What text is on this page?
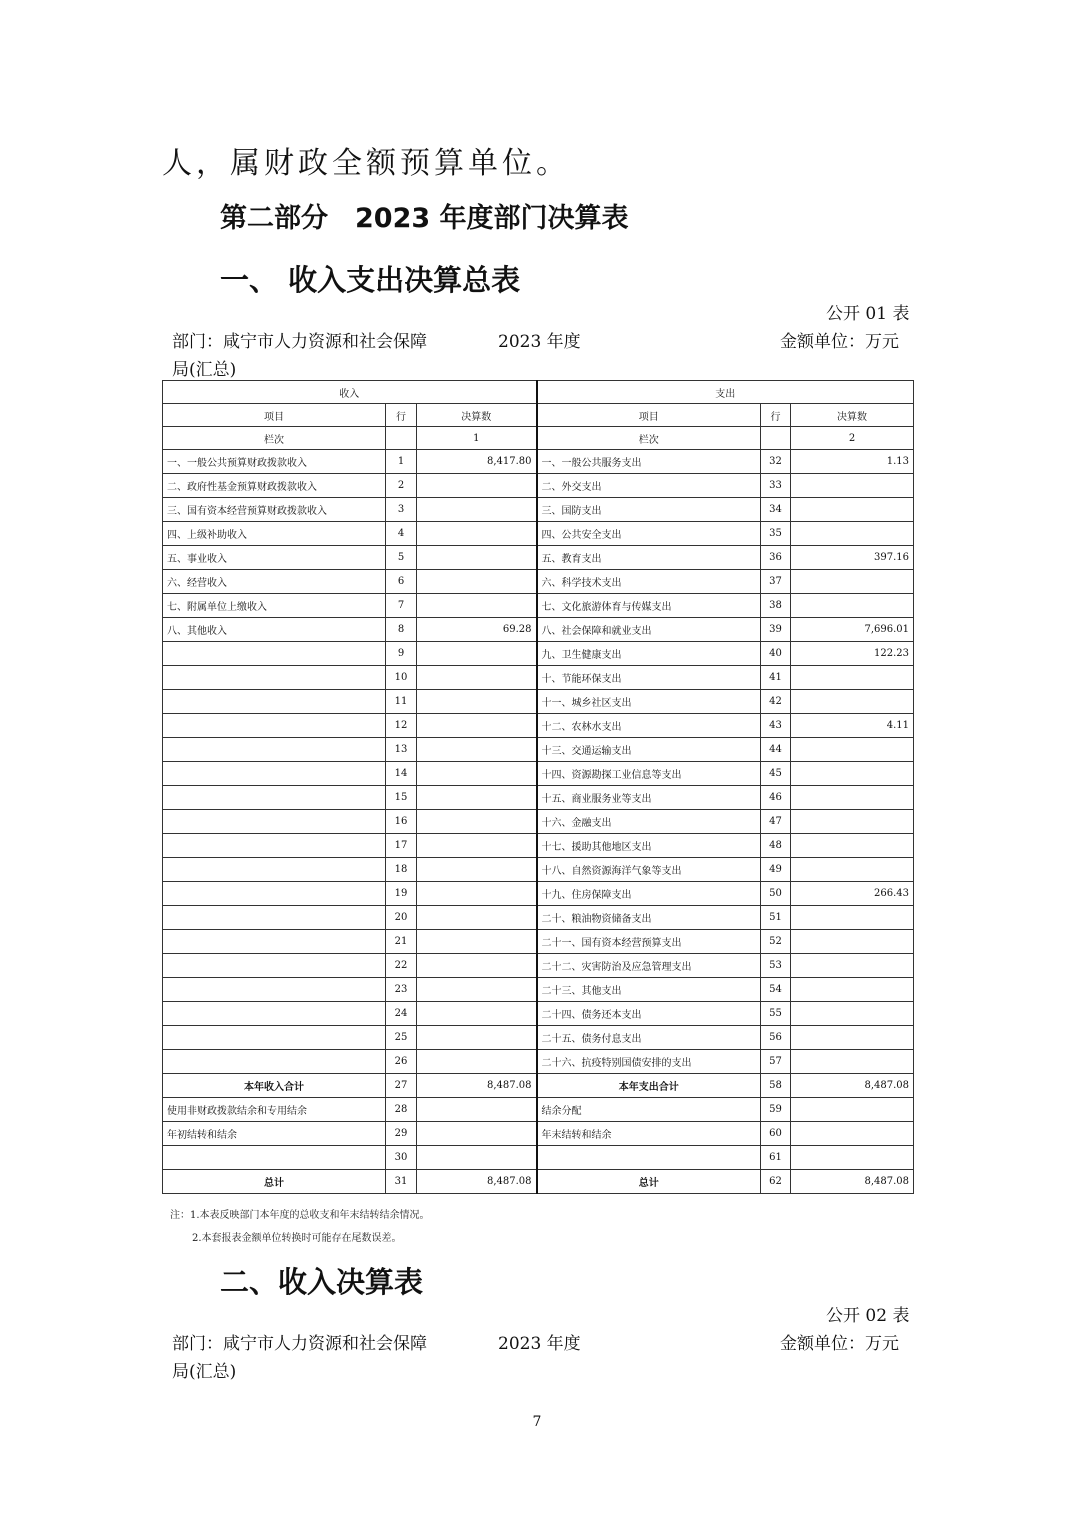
人，属财政全额预算单位。
第二部分　2023 年度部门决算表
一、 收入支出决算总表
公开 01 表
部门：咸宁市人力资源和社会保障	2023 年度	金额单位：万元
局(汇总)
收入			支出		
项目	行	决算数	项目	行	决算数
栏次		1	栏次		2
一、一般公共预算财政拨款收入	1	8,417.80	一、一般公共服务支出	32	1.13
二、政府性基金预算财政拨款收入	2		二、外交支出	33	
三、国有资本经营预算财政拨款收入	3		三、国防支出	34	
四、上级补助收入	4		四、公共安全支出	35	
五、事业收入	5		五、教育支出	36	397.16
六、经营收入	6		六、科学技术支出	37	
七、附属单位上缴收入	7		七、文化旅游体育与传媒支出	38	
八、其他收入	8	69.28	八、社会保障和就业支出	39	7,696.01
	9		九、卫生健康支出	40	122.23
	10		十、节能环保支出	41	
	11		十一、城乡社区支出	42	
	12		十二、农林水支出	43	4.11
	13		十三、交通运输支出	44	
	14		十四、资源勘探工业信息等支出	45	
	15		十五、商业服务业等支出	46	
	16		十六、金融支出	47	
	17		十七、援助其他地区支出	48	
	18		十八、自然资源海洋气象等支出	49	
	19		十九、住房保障支出	50	266.43
	20		二十、粮油物资储备支出	51	
	21		二十一、国有资本经营预算支出	52	
	22		二十二、灾害防治及应急管理支出	53	
	23		二十三、其他支出	54	
	24		二十四、债务还本支出	55	
	25		二十五、债务付息支出	56	
	26		二十六、抗疫特别国债安排的支出	57	
本年收入合计	27	8,487.08	本年支出合计	58	8,487.08
使用非财政拨款结余和专用结余	28		结余分配	59	
年初结转和结余	29		年末结转和结余	60	
	30			61	
总计	31	8,487.08	总计	62	8,487.08
注：1.本表反映部门本年度的总收支和年末结转结余情况。
2.本套报表金额单位转换时可能存在尾数误差。
二、收入决算表
公开 02 表
部门：咸宁市人力资源和社会保障	2023 年度	金额单位：万元
局(汇总)
7
